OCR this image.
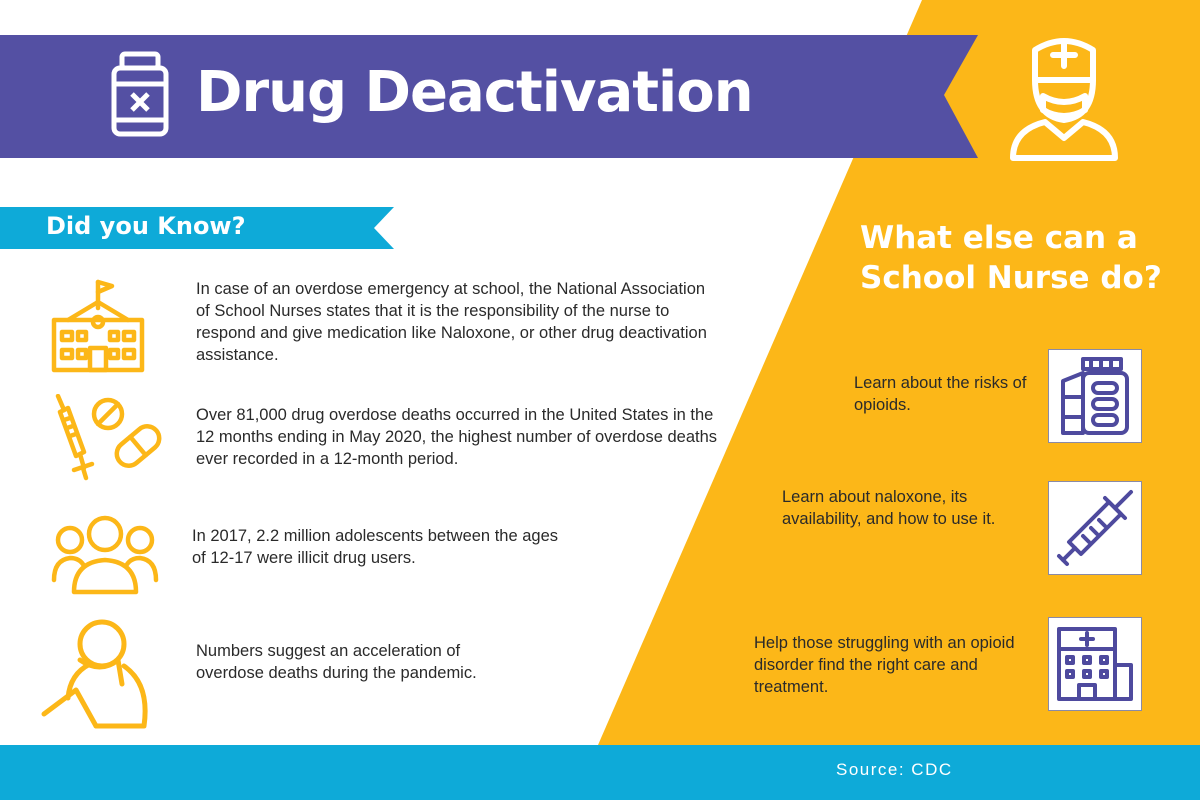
Drug Deactivation
Did you Know?
In case of an overdose emergency at school, the National Association of School Nurses states that it is the responsibility of the nurse to respond and give medication like Naloxone, or other drug deactivation assistance.
Over 81,000 drug overdose deaths occurred in the United States in the 12 months ending in May 2020, the highest number of overdose deaths ever recorded in a 12-month period.
In 2017, 2.2 million adolescents between the ages of 12-17 were illicit drug users.
Numbers suggest an acceleration of overdose deaths during the pandemic.
What else can a School Nurse do?
Learn about the risks of opioids.
Learn about naloxone, its availability, and how to use it.
Help those struggling with an opioid disorder find the right care and treatment.
Source: CDC
